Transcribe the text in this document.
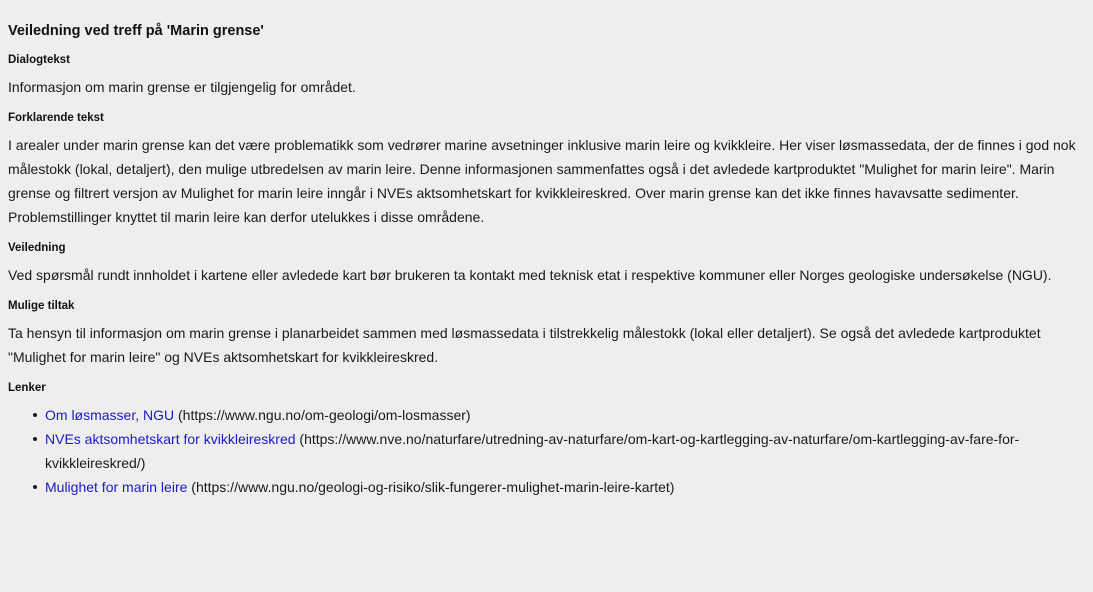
Veiledning ved treff på 'Marin grense'
Dialogtekst
Informasjon om marin grense er tilgjengelig for området.
Forklarende tekst
I arealer under marin grense kan det være problematikk som vedrører marine avsetninger inklusive marin leire og kvikkleire. Her viser løsmassedata, der de finnes i god nok målestokk (lokal, detaljert), den mulige utbredelsen av marin leire. Denne informasjonen sammenfattes også i det avledede kartproduktet "Mulighet for marin leire". Marin grense og filtrert versjon av Mulighet for marin leire inngår i NVEs aktsomhetskart for kvikkleireskred. Over marin grense kan det ikke finnes havavsatte sedimenter. Problemstillinger knyttet til marin leire kan derfor utelukkes i disse områdene.
Veiledning
Ved spørsmål rundt innholdet i kartene eller avledede kart bør brukeren ta kontakt med teknisk etat i respektive kommuner eller Norges geologiske undersøkelse (NGU).
Mulige tiltak
Ta hensyn til informasjon om marin grense i planarbeidet sammen med løsmassedata i tilstrekkelig målestokk (lokal eller detaljert). Se også det avledede kartproduktet "Mulighet for marin leire" og NVEs aktsomhetskart for kvikkleireskred.
Lenker
Om løsmasser, NGU (https://www.ngu.no/om-geologi/om-losmasser)
NVEs aktsomhetskart for kvikkleireskred (https://www.nve.no/naturfare/utredning-av-naturfare/om-kart-og-kartlegging-av-naturfare/om-kartlegging-av-fare-for-kvikkleireskred/)
Mulighet for marin leire (https://www.ngu.no/geologi-og-risiko/slik-fungerer-mulighet-marin-leire-kartet)
